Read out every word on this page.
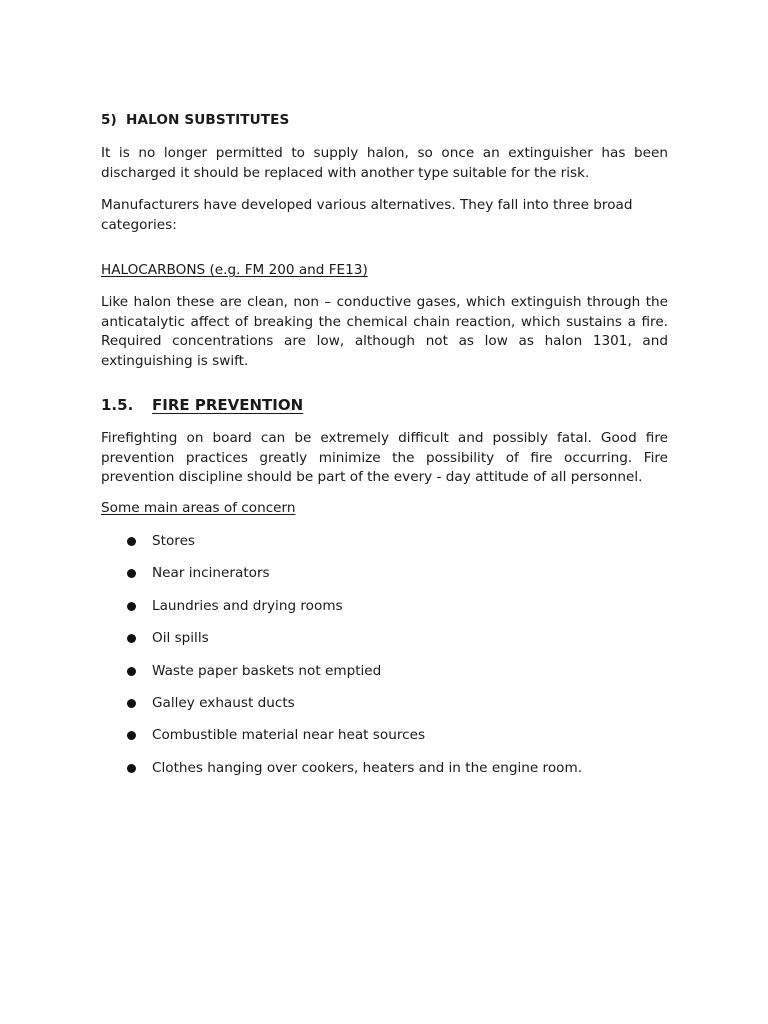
5) HALON SUBSTITUTES

It is no longer permitted to supply halon, so once an extinguisher has been discharged it should be replaced with another type suitable for the risk.

Manufacturers have developed various alternatives. They fall into three broad categories:

HALOCARBONS (e.g. FM 200 and FE13)

Like halon these are clean, non – conductive gases, which extinguish through the anticatalytic affect of breaking the chemical chain reaction, which sustains a fire. Required concentrations are low, although not as low as halon 1301, and extinguishing is swift.

1.5. FIRE PREVENTION

Firefighting on board can be extremely difficult and possibly fatal. Good fire prevention practices greatly minimize the possibility of fire occurring. Fire prevention discipline should be part of the every - day attitude of all personnel.

Some main areas of concern
Stores
Near incinerators
Laundries and drying rooms
Oil spills
Waste paper baskets not emptied
Galley exhaust ducts
Combustible material near heat sources
Clothes hanging over cookers, heaters and in the engine room.
